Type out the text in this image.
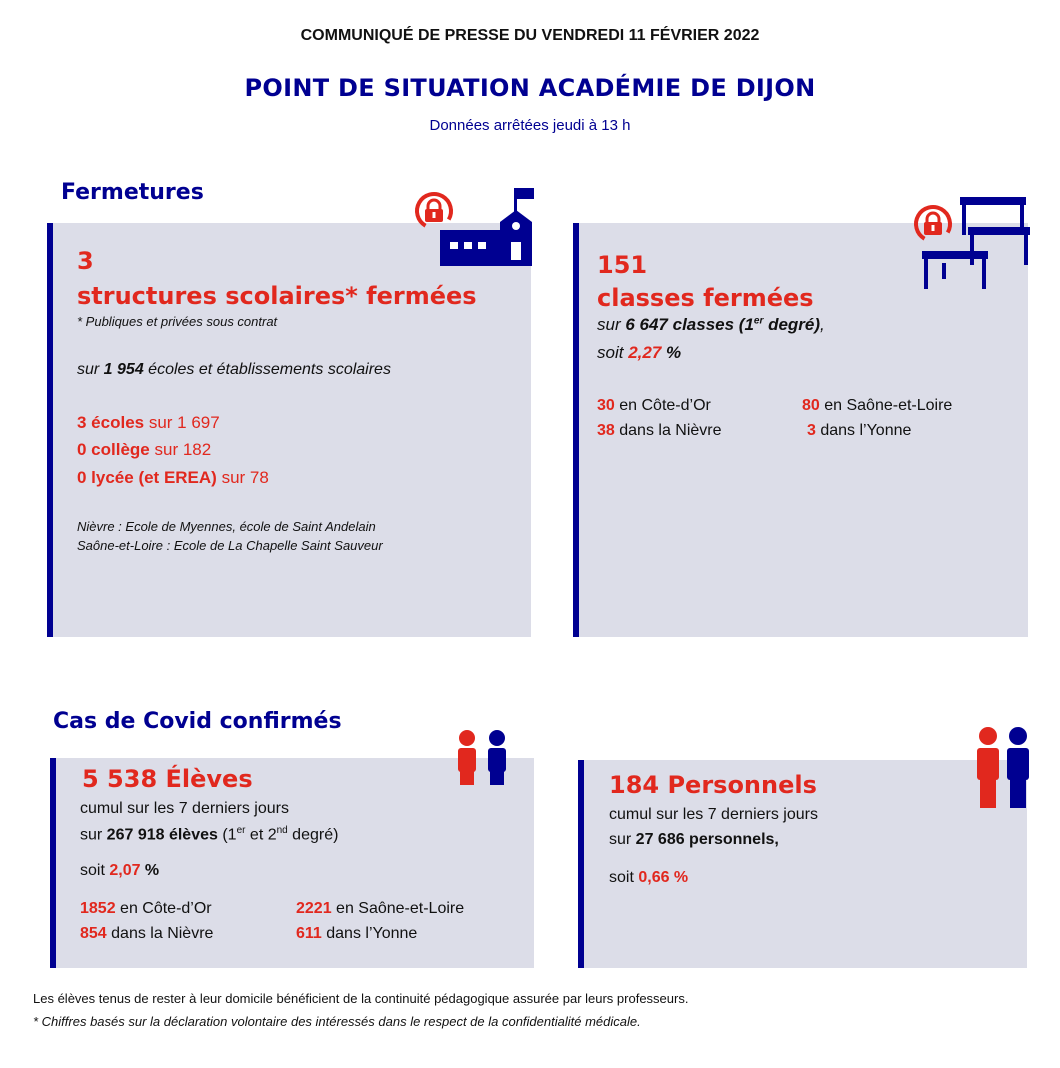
COMMUNIQUÉ DE PRESSE DU VENDREDI 11 FÉVRIER 2022
POINT DE SITUATION ACADÉMIE DE DIJON
Données arrêtées jeudi à 13 h
Fermetures
3
structures scolaires* fermées
* Publiques et privées sous contrat
sur 1 954 écoles et établissements scolaires
3 écoles sur 1 697
0 collège sur 182
0 lycée (et EREA) sur 78
Nièvre : Ecole de Myennes, école de Saint Andelain
Saône-et-Loire : Ecole de La Chapelle Saint Sauveur
151
classes fermées
sur 6 647 classes (1er degré),
soit 2,27 %
30 en Côte-d’Or	80 en Saône-et-Loire
38 dans la Nièvre	3 dans l’Yonne
Cas de Covid confirmés
5 538 Élèves
cumul sur les 7 derniers jours
sur 267 918 élèves (1er et 2nd degré)
soit 2,07 %
1852 en Côte-d’Or	2221 en Saône-et-Loire
854 dans la Nièvre	611 dans l’Yonne
184 Personnels
cumul sur les 7 derniers jours
sur 27 686 personnels,
soit 0,66 %
Les élèves tenus de rester à leur domicile bénéficient de la continuité pédagogique assurée par leurs professeurs.
* Chiffres basés sur la déclaration volontaire des intéressés dans le respect de la confidentialité médicale.
